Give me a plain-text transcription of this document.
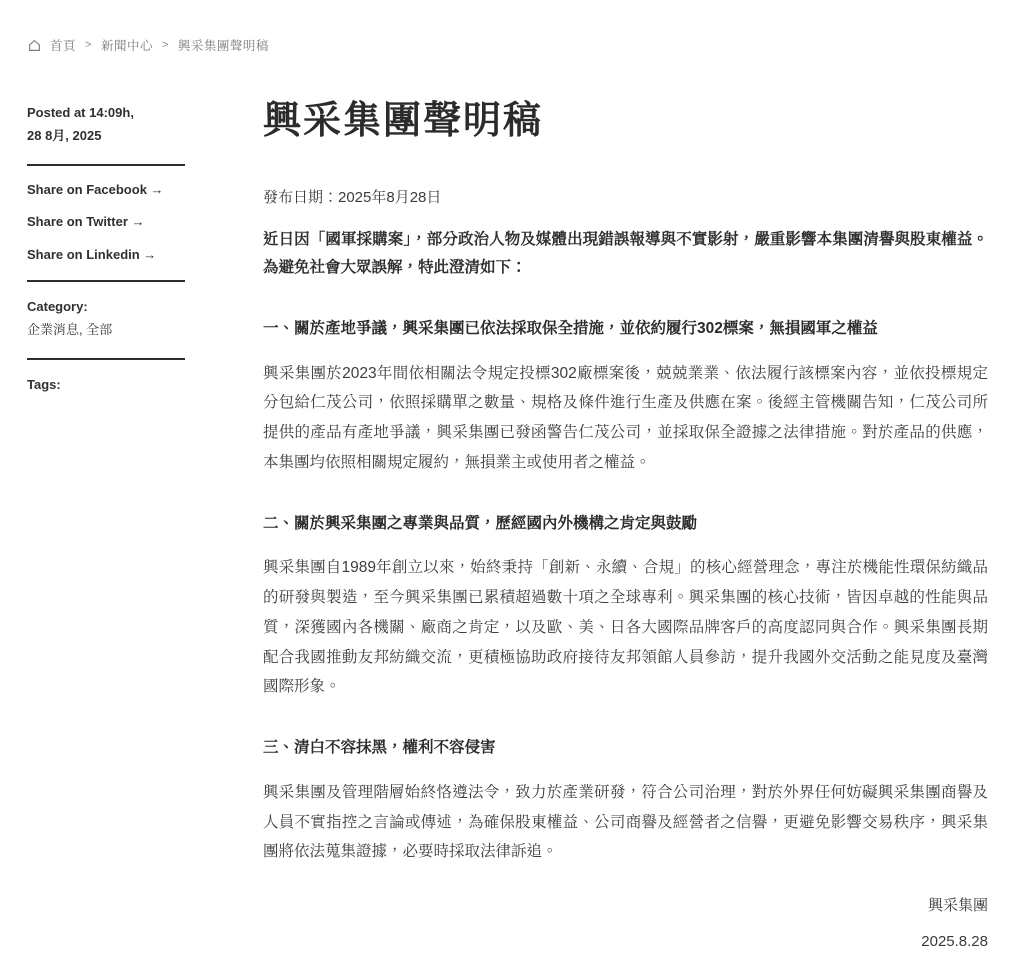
首頁 > 新聞中心 > 興采集團聲明稿
Posted at 14:09h,
28 8月, 2025
Share on Facebook →
Share on Twitter →
Share on Linkedin →
Category:
企業消息, 全部
Tags:
興采集團聲明稿

發布日期：2025年8月28日

近日因「國軍採購案」，部分政治人物及媒體出現錯誤報導與不實影射，嚴重影響本集團清譽與股東權益。為避免社會大眾誤解，特此澄清如下：

一、關於產地爭議，興采集團已依法採取保全措施，並依約履行302標案，無損國軍之權益

興采集團於2023年間依相關法令規定投標302廠標案後，兢兢業業、依法履行該標案內容，並依投標規定分包給仁茂公司，依照採購單之數量、規格及條件進行生產及供應在案。後經主管機關告知，仁茂公司所提供的產品有產地爭議，興采集團已發函警告仁茂公司，並採取保全證據之法律措施。對於產品的供應，本集團均依照相關規定履約，無損業主或使用者之權益。

二、關於興采集團之專業與品質，歷經國內外機構之肯定與鼓勵

興采集團自1989年創立以來，始終秉持「創新、永續、合規」的核心經營理念，專注於機能性環保紡織品的研發與製造，至今興采集團已累積超過數十項之全球專利。興采集團的核心技術，皆因卓越的性能與品質，深獲國內各機關、廠商之肯定，以及歐、美、日各大國際品牌客戶的高度認同與合作。興采集團長期配合我國推動友邦紡織交流，更積極協助政府接待友邦領館人員參訪，提升我國外交活動之能見度及臺灣國際形象。

三、清白不容抹黑，權利不容侵害

興采集團及管理階層始終恪遵法令，致力於產業研發，符合公司治理，對於外界任何妨礙興采集團商譽及人員不實指控之言論或傳述，為確保股東權益、公司商譽及經營者之信譽，更避免影響交易秩序，興采集團將依法蒐集證據，必要時採取法律訴追。

興采集團
2025.8.28
